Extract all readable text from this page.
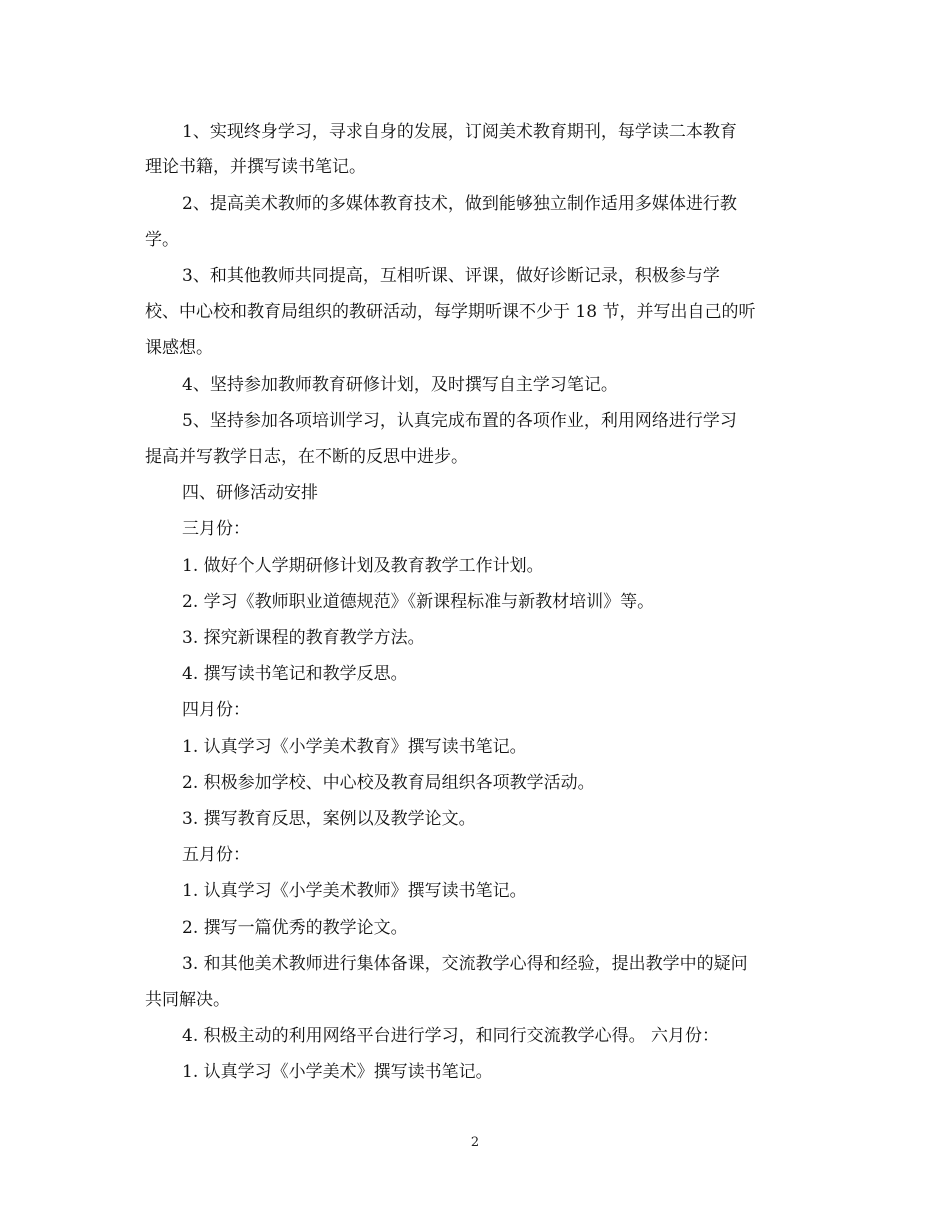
1、实现终身学习，寻求自身的发展，订阅美术教育期刊，每学读二本教育
理论书籍，并撰写读书笔记。
2、提高美术教师的多媒体教育技术，做到能够独立制作适用多媒体进行教
学。
3、和其他教师共同提高，互相听课、评课，做好诊断记录，积极参与学
校、中心校和教育局组织的教研活动，每学期听课不少于 18 节，并写出自己的听
课感想。
4、坚持参加教师教育研修计划，及时撰写自主学习笔记。
5、坚持参加各项培训学习，认真完成布置的各项作业，利用网络进行学习
提高并写教学日志，在不断的反思中进步。
四、研修活动安排
三月份：
1. 做好个人学期研修计划及教育教学工作计划。
2. 学习《教师职业道德规范》《新课程标准与新教材培训》等。
3. 探究新课程的教育教学方法。
4. 撰写读书笔记和教学反思。
四月份：
1. 认真学习《小学美术教育》撰写读书笔记。
2. 积极参加学校、中心校及教育局组织各项教学活动。
3. 撰写教育反思，案例以及教学论文。
五月份：
1. 认真学习《小学美术教师》撰写读书笔记。
2. 撰写一篇优秀的教学论文。
3. 和其他美术教师进行集体备课，交流教学心得和经验，提出教学中的疑问
共同解决。
4. 积极主动的利用网络平台进行学习，和同行交流教学心得。 六月份：
1. 认真学习《小学美术》撰写读书笔记。
2
